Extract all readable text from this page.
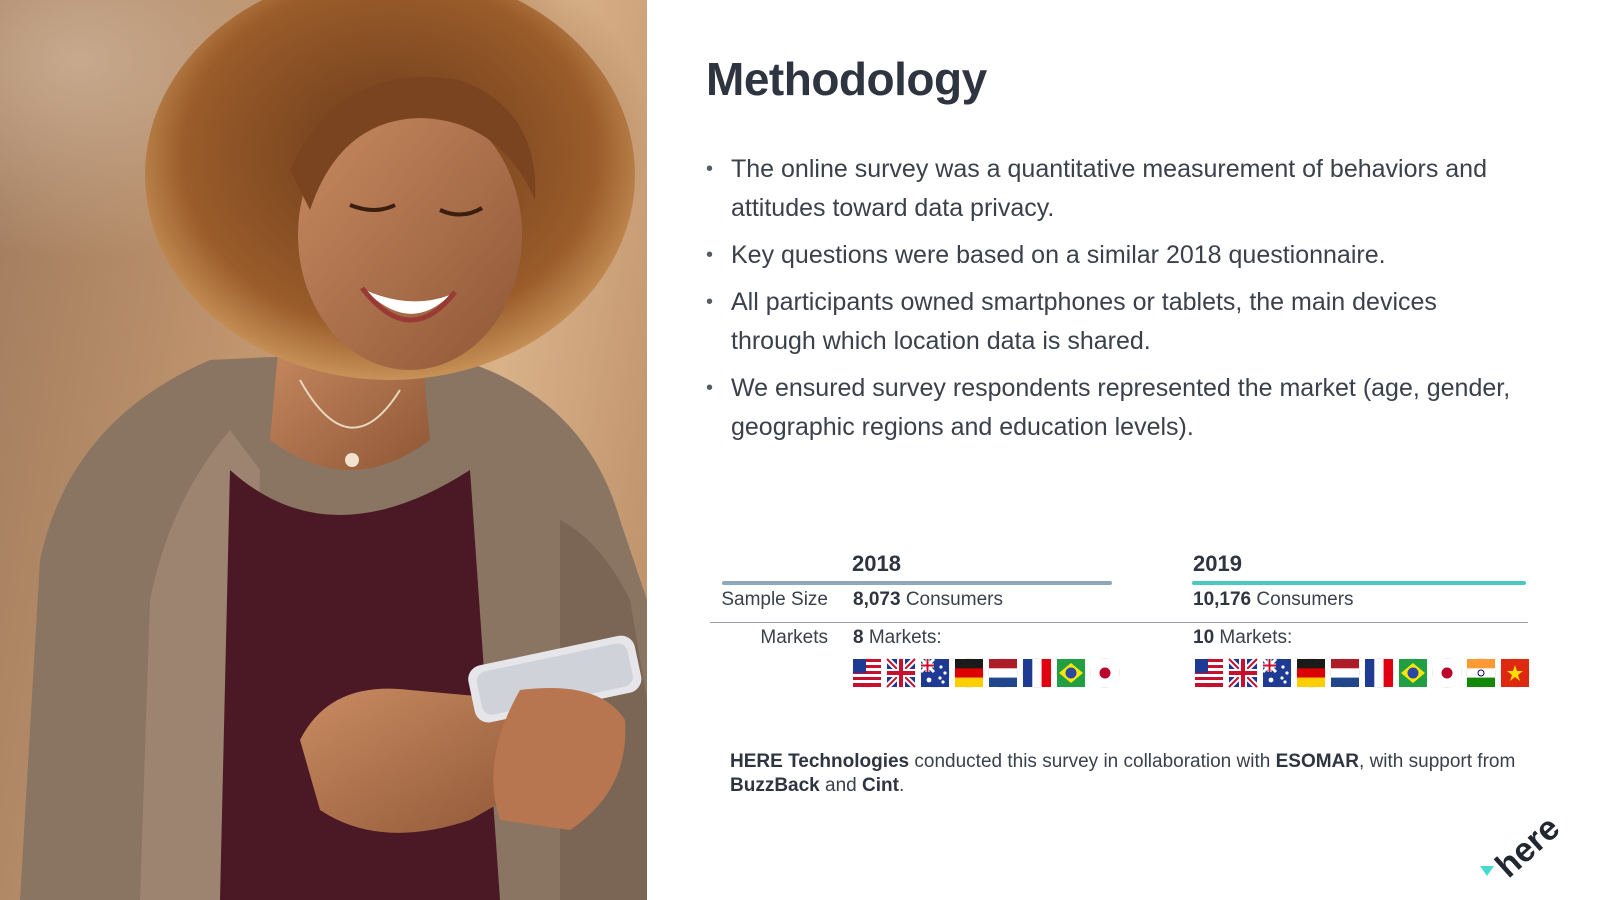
Methodology
• The online survey was a quantitative measurement of behaviors and attitudes toward data privacy.
• Key questions were based on a similar 2018 questionnaire.
• All participants owned smartphones or tablets, the main devices through which location data is shared.
• We ensured survey respondents represented the market (age, gender, geographic regions and education levels).
2018	2019
Sample Size 8,073 Consumers	10,176 Consumers
Markets 8 Markets:	10 Markets:
HERE Technologies conducted this survey in collaboration with ESOMAR, with support from BuzzBack and Cint.
here
